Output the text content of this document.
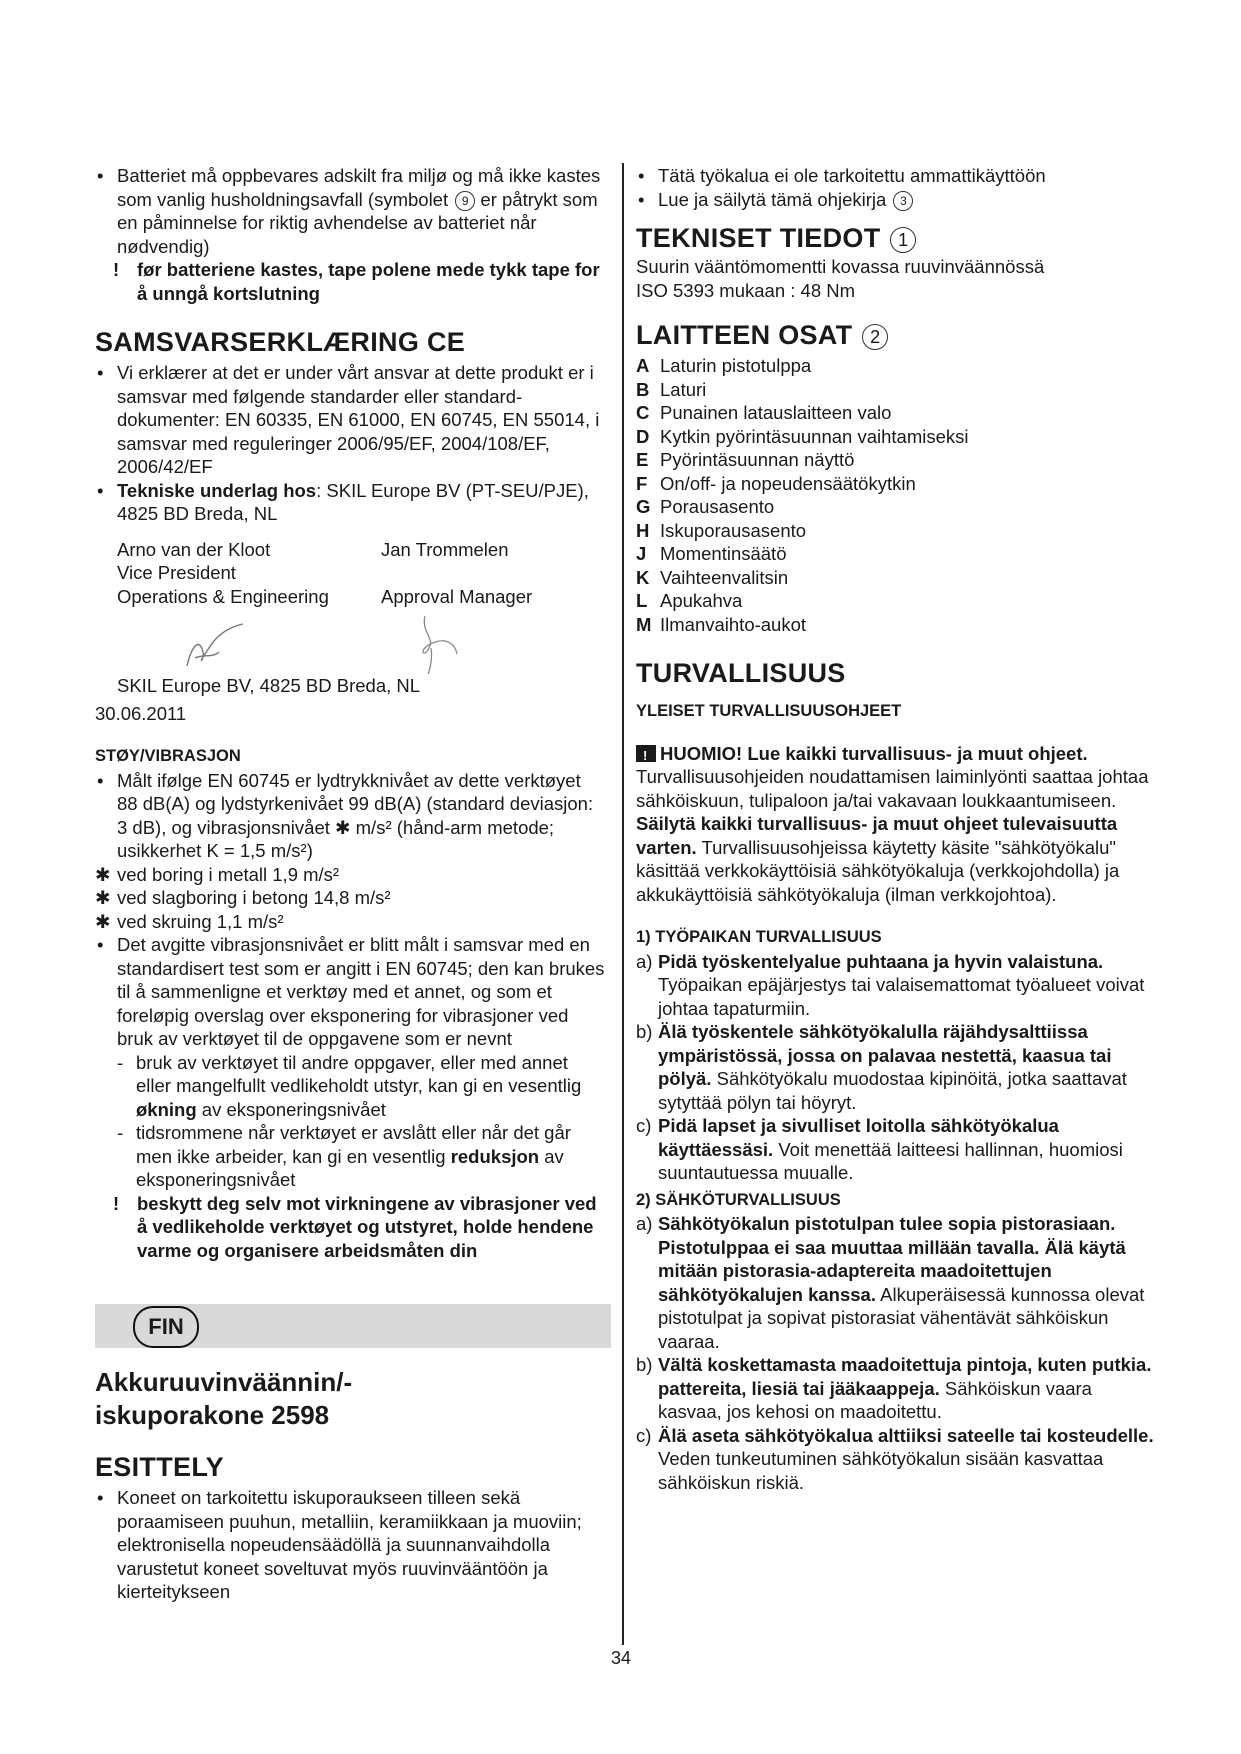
• Batteriet må oppbevares adskilt fra miljø og må ikke kastes som vanlig husholdningsavfall (symbolet 9 er påtrykt som en påminnelse for riktig avhendelse av batteriet når nødvendig)
! før batteriene kastes, tape polene mede tykk tape for å unngå kortslutning
SAMSVARSERKLÆRING CE
• Vi erklærer at det er under vårt ansvar at dette produkt er i samsvar med følgende standarder eller standard-dokumenter: EN 60335, EN 61000, EN 60745, EN 55014, i samsvar med reguleringer 2006/95/EF, 2004/108/EF, 2006/42/EF
• Tekniske underlag hos: SKIL Europe BV (PT-SEU/PJE), 4825 BD Breda, NL

Arno van der Kloot

Vice President

Operations & Engineering

Jan Trommelen

Approval Manager

SKIL Europe BV, 4825 BD Breda, NL

30.06.2011

STØY/VIBRASJON
• Målt ifølge EN 60745 er lydtrykknivået av dette verktøyet 88 dB(A) og lydstyrkenivået 99 dB(A) (standard deviasjon: 3 dB), og vibrasjonsnivået ✱ m/s² (hånd-arm metode; usikkerhet K = 1,5 m/s²)
✱ ved boring i metall 1,9 m/s²
✱ ved slagboring i betong 14,8 m/s²
✱ ved skruing 1,1 m/s²
• Det avgitte vibrasjonsnivået er blitt målt i samsvar med en standardisert test som er angitt i EN 60745; den kan brukes til å sammenligne et verktøy med et annet, og som et foreløpig overslag over eksponering for vibrasjoner ved bruk av verktøyet til de oppgavene som er nevnt
- bruk av verktøyet til andre oppgaver, eller med annet eller mangelfullt vedlikeholdt utstyr, kan gi en vesentlig økning av eksponeringsnivået
- tidsrommene når verktøyet er avslått eller når det går men ikke arbeider, kan gi en vesentlig reduksjon av eksponeringsnivået
! beskytt deg selv mot virkningene av vibrasjoner ved å vedlikeholde verktøyet og utstyret, holde hendene varme og organisere arbeidsmåten din
FIN
Akkuruuvinväännin/-
iskuporakone 2598
ESITTELY
• Koneet on tarkoitettu iskuporaukseen tilleen sekä poraamiseen puuhun, metalliin, keramiikkaan ja muoviin; elektronisella nopeudensäädöllä ja suunnanvaihdolla varustetut koneet soveltuvat myös ruuvinvääntöön ja kierteitykseen
• Tätä työkalua ei ole tarkoitettu ammattikäyttöön
• Lue ja säilytä tämä ohjekirja 3
TEKNISET TIEDOT 1

Suurin vääntömomentti kovassa ruuvinväännössä

ISO 5393 mukaan : 48 Nm

LAITTEEN OSAT 2
A Laturin pistotulppa
B Laturi
C Punainen latauslaitteen valo
D Kytkin pyörintäsuunnan vaihtamiseksi
E Pyörintäsuunnan näyttö
F On/off- ja nopeudensäätökytkin
G Porausasento
H Iskuporausasento
J Momentinsäätö
K Vaihteenvalitsin
L Apukahva
M Ilmanvaihto-aukot
TURVALLISUUS
YLEISET TURVALLISUUSOHJEET

!HUOMIO! Lue kaikki turvallisuus- ja muut ohjeet. Turvallisuusohjeiden noudattamisen laiminlyönti saattaa johtaa sähköiskuun, tulipaloon ja/tai vakavaan loukkaantumiseen.

Säilytä kaikki turvallisuus- ja muut ohjeet tulevaisuutta varten. Turvallisuusohjeissa käytetty käsite "sähkötyökalu" käsittää verkkokäyttöisiä sähkötyökaluja (verkkojohdolla) ja akkukäyttöisiä sähkötyökaluja (ilman verkkojohtoa).

1) TYÖPAIKAN TURVALLISUUS
a) Pidä työskentelyalue puhtaana ja hyvin valaistuna. Työpaikan epäjärjestys tai valaisemattomat työalueet voivat johtaa tapaturmiin.
b) Älä työskentele sähkötyökalulla räjähdysalttiissa ympäristössä, jossa on palavaa nestettä, kaasua tai pölyä. Sähkötyökalu muodostaa kipinöitä, jotka saattavat sytyttää pölyn tai höyryt.
c) Pidä lapset ja sivulliset loitolla sähkötyökalua käyttäessäsi. Voit menettää laitteesi hallinnan, huomiosi suuntautuessa muualle.
2) SÄHKÖTURVALLISUUS
a) Sähkötyökalun pistotulpan tulee sopia pistorasiaan. Pistotulppaa ei saa muuttaa millään tavalla. Älä käytä mitään pistorasia-adaptereita maadoitettujen sähkötyökalujen kanssa. Alkuperäisessä kunnossa olevat pistotulpat ja sopivat pistorasiat vähentävät sähköiskun vaaraa.
b) Vältä koskettamasta maadoitettuja pintoja, kuten putkia. pattereita, liesiä tai jääkaappeja. Sähköiskun vaara kasvaa, jos kehosi on maadoitettu.
c) Älä aseta sähkötyökalua alttiiksi sateelle tai kosteudelle. Veden tunkeutuminen sähkötyökalun sisään kasvattaa sähköiskun riskiä.
34
